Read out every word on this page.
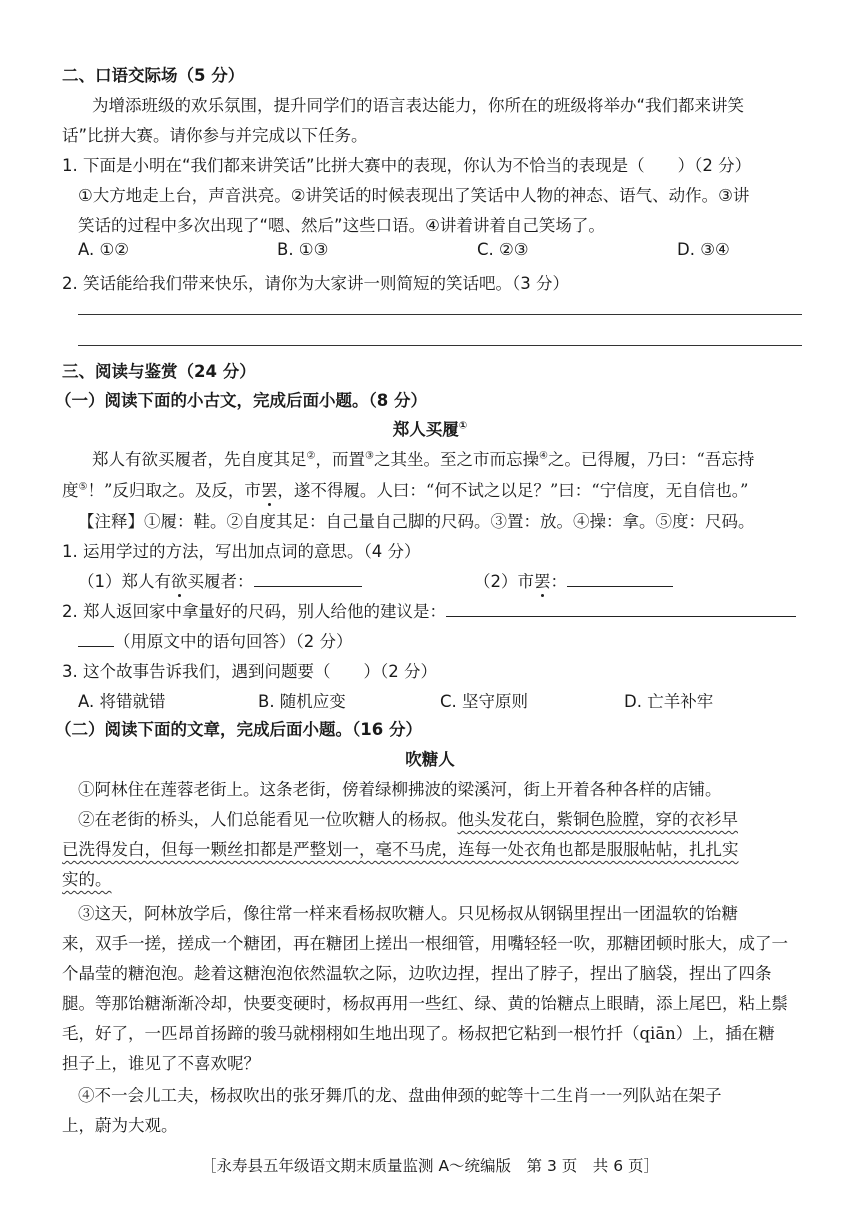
二、口语交际场（5 分）
为增添班级的欢乐氛围，提升同学们的语言表达能力，你所在的班级将举办“我们都来讲笑
话”比拼大赛。请你参与并完成以下任务。
1. 下面是小明在“我们都来讲笑话”比拼大赛中的表现，你认为不恰当的表现是（　　）（2 分）
①大方地走上台，声音洪亮。②讲笑话的时候表现出了笑话中人物的神态、语气、动作。③讲
笑话的过程中多次出现了“嗯、然后”这些口语。④讲着讲着自己笑场了。
A. ①②	B. ①③	C. ②③	D. ③④
2. 笑话能给我们带来快乐，请你为大家讲一则简短的笑话吧。（3 分）
三、阅读与鉴赏（24 分）
（一）阅读下面的小古文，完成后面小题。（8 分）
郑人买履①
郑人有欲买履者，先自度其足②，而置③之其坐。至之市而忘操④之。已得履，乃曰：“吾忘持
度⑤！”反归取之。及反，市罢，遂不得履。人曰：“何不试之以足？”曰：“宁信度，无自信也。”
【注释】①履：鞋。②自度其足：自己量自己脚的尺码。③置：放。④操：拿。⑤度：尺码。
1. 运用学过的方法，写出加点词的意思。（4 分）
（1）郑人有欲买履者：	（2）市罢：
2. 郑人返回家中拿量好的尺码，别人给他的建议是：
（用原文中的语句回答）（2 分）
3. 这个故事告诉我们，遇到问题要（　　）（2 分）
A. 将错就错	B. 随机应变	C. 坚守原则	D. 亡羊补牢
（二）阅读下面的文章，完成后面小题。（16 分）
吹糖人
①阿林住在莲蓉老街上。这条老街，傍着绿柳拂波的梁溪河，街上开着各种各样的店铺。
②在老街的桥头，人们总能看见一位吹糖人的杨叔。他头发花白，紫铜色脸膛，穿的衣衫早
已洗得发白，但每一颗丝扣都是严整划一，毫不马虎，连每一处衣角也都是服服帖帖，扎扎实
实的。
③这天，阿林放学后，像往常一样来看杨叔吹糖人。只见杨叔从钢锅里捏出一团温软的饴糖
来，双手一搓，搓成一个糖团，再在糖团上搓出一根细管，用嘴轻轻一吹，那糖团顿时胀大，成了一
个晶莹的糖泡泡。趁着这糖泡泡依然温软之际，边吹边捏，捏出了脖子，捏出了脑袋，捏出了四条
腿。等那饴糖渐渐冷却，快要变硬时，杨叔再用一些红、绿、黄的饴糖点上眼睛，添上尾巴，粘上鬃
毛，好了，一匹昂首扬蹄的骏马就栩栩如生地出现了。杨叔把它粘到一根竹扦（qiān）上，插在糖
担子上，谁见了不喜欢呢？
④不一会儿工夫，杨叔吹出的张牙舞爪的龙、盘曲伸颈的蛇等十二生肖一一列队站在架子
上，蔚为大观。
［永寿县五年级语文期末质量监测 A～统编版　第 3 页　共 6 页］
